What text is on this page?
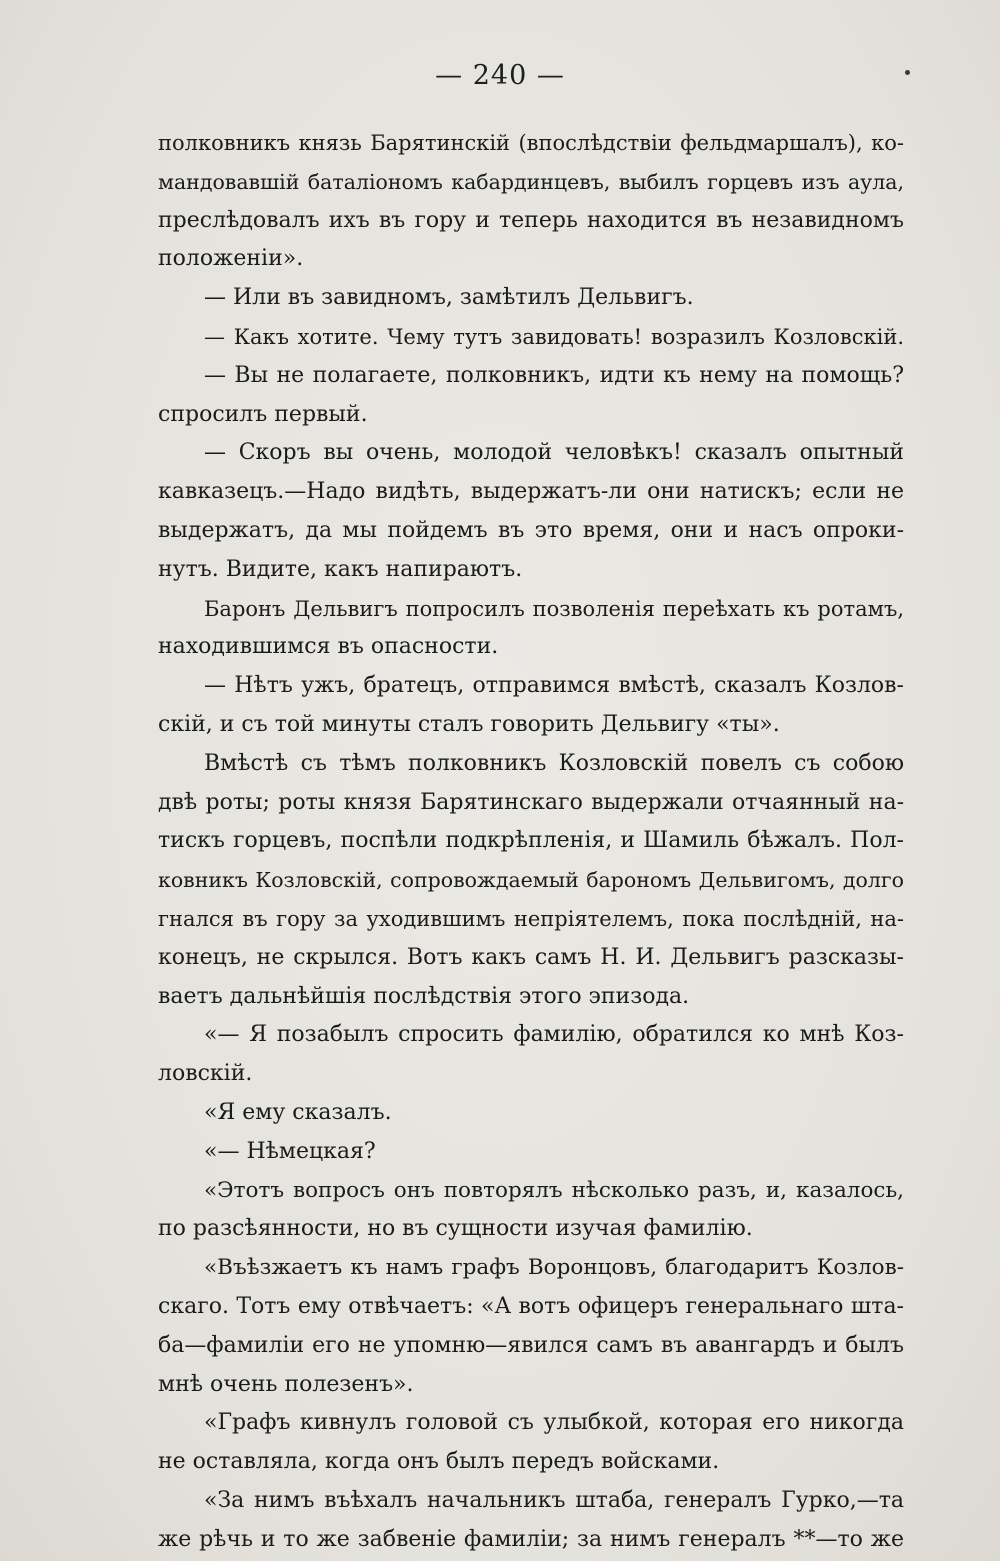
— 240 —
полковникъ князь Барятинскій (впослѣдствіи фельдмаршалъ), ко-
мандовавшій баталіономъ кабардинцевъ, выбилъ горцевъ изъ аула,
преслѣдовалъ ихъ въ гору и теперь находится въ незавидномъ
положеніи».
— Или въ завидномъ, замѣтилъ Дельвигъ.
— Какъ хотите. Чему тутъ завидовать! возразилъ Козловскій.
— Вы не полагаете, полковникъ, идти къ нему на помощь?
спросилъ первый.
— Скоръ вы очень, молодой человѣкъ! сказалъ опытный
кавказецъ.—Надо видѣть, выдержатъ-ли они натискъ; если не
выдержатъ, да мы пойдемъ въ это время, они и насъ опроки-
нутъ. Видите, какъ напираютъ.
Баронъ Дельвигъ попросилъ позволенія переѣхать къ ротамъ,
находившимся въ опасности.
— Нѣтъ ужъ, братецъ, отправимся вмѣстѣ, сказалъ Козлов-
скій, и съ той минуты сталъ говорить Дельвигу «ты».
Вмѣстѣ съ тѣмъ полковникъ Козловскій повелъ съ собою
двѣ роты; роты князя Барятинскаго выдержали отчаянный на-
тискъ горцевъ, поспѣли подкрѣпленія, и Шамиль бѣжалъ. Пол-
ковникъ Козловскій, сопровождаемый барономъ Дельвигомъ, долго
гнался въ гору за уходившимъ непріятелемъ, пока послѣдній, на-
конецъ, не скрылся. Вотъ какъ самъ Н. И. Дельвигъ разсказы-
ваетъ дальнѣйшія послѣдствія этого эпизода.
«— Я позабылъ спросить фамилію, обратился ко мнѣ Коз-
ловскій.
«Я ему сказалъ.
«— Нѣмецкая?
«Этотъ вопросъ онъ повторялъ нѣсколько разъ, и, казалось,
по разсѣянности, но въ сущности изучая фамилію.
«Въѣзжаетъ къ намъ графъ Воронцовъ, благодаритъ Козлов-
скаго. Тотъ ему отвѣчаетъ: «А вотъ офицеръ генеральнаго шта-
ба—фамиліи его не упомню—явился самъ въ авангардъ и былъ
мнѣ очень полезенъ».
«Графъ кивнулъ головой съ улыбкой, которая его никогда
не оставляла, когда онъ былъ передъ войсками.
«За нимъ въѣхалъ начальникъ штаба, генералъ Гурко,—та
же рѣчь и то же забвеніе фамиліи; за нимъ генералъ **—то же
